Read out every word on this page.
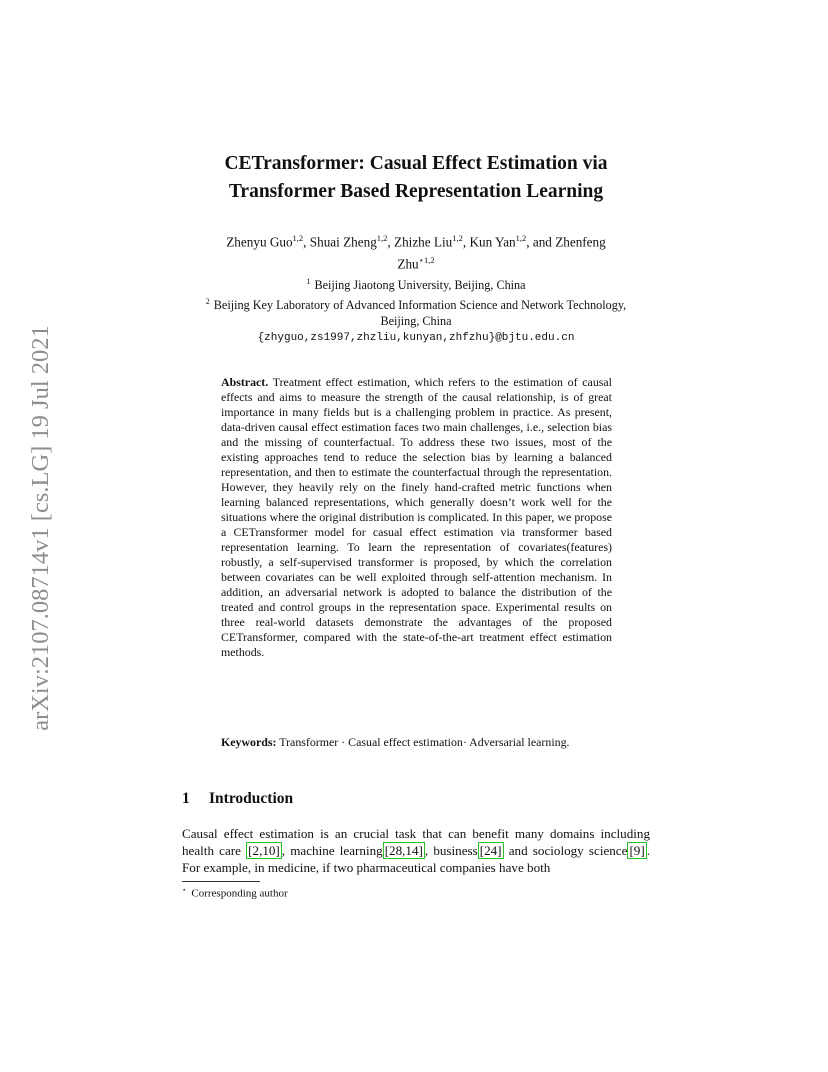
arXiv:2107.08714v1 [cs.LG] 19 Jul 2021
CETransformer: Casual Effect Estimation via
Transformer Based Representation Learning
Zhenyu Guo$^{1,2}$, Shuai Zheng$^{1,2}$, Zhizhe Liu$^{1,2}$, Kun Yan$^{1,2}$, and Zhenfeng
Zhu$^{⋆1,2}$
$^1$ Beijing Jiaotong University, Beijing, China
$^2$ Beijing Key Laboratory of Advanced Information Science and Network Technology,
Beijing, China
{zhyguo,zs1997,zhzliu,kunyan,zhfzhu}@bjtu.edu.cn
Abstract. Treatment effect estimation, which refers to the estimation of causal effects and aims to measure the strength of the causal relationship, is of great importance in many fields but is a challenging problem in practice. As present, data-driven causal effect estimation faces two main challenges, i.e., selection bias and the missing of counterfactual. To address these two issues, most of the existing approaches tend to reduce the selection bias by learning a balanced representation, and then to estimate the counterfactual through the representation. However, they heavily rely on the finely hand-crafted metric functions when learning balanced representations, which generally doesn’t work well for the situations where the original distribution is complicated. In this paper, we propose a CETransformer model for casual effect estimation via transformer based representation learning. To learn the representation of covariates(features) robustly, a self-supervised transformer is proposed, by which the correlation between covariates can be well exploited through self-attention mechanism. In addition, an adversarial network is adopted to balance the distribution of the treated and control groups in the representation space. Experimental results on three real-world datasets demonstrate the advantages of the proposed CETransformer, compared with the state-of-the-art treatment effect estimation methods.
Keywords: Transformer · Casual effect estimation· Adversarial learning.
1 Introduction
Causal effect estimation is an crucial task that can benefit many domains including health care [2,10] , machine learning [28,14] , business [24] and sociology science [9] . For example, in medicine, if two pharmaceutical companies have both
⋆ Corresponding author
